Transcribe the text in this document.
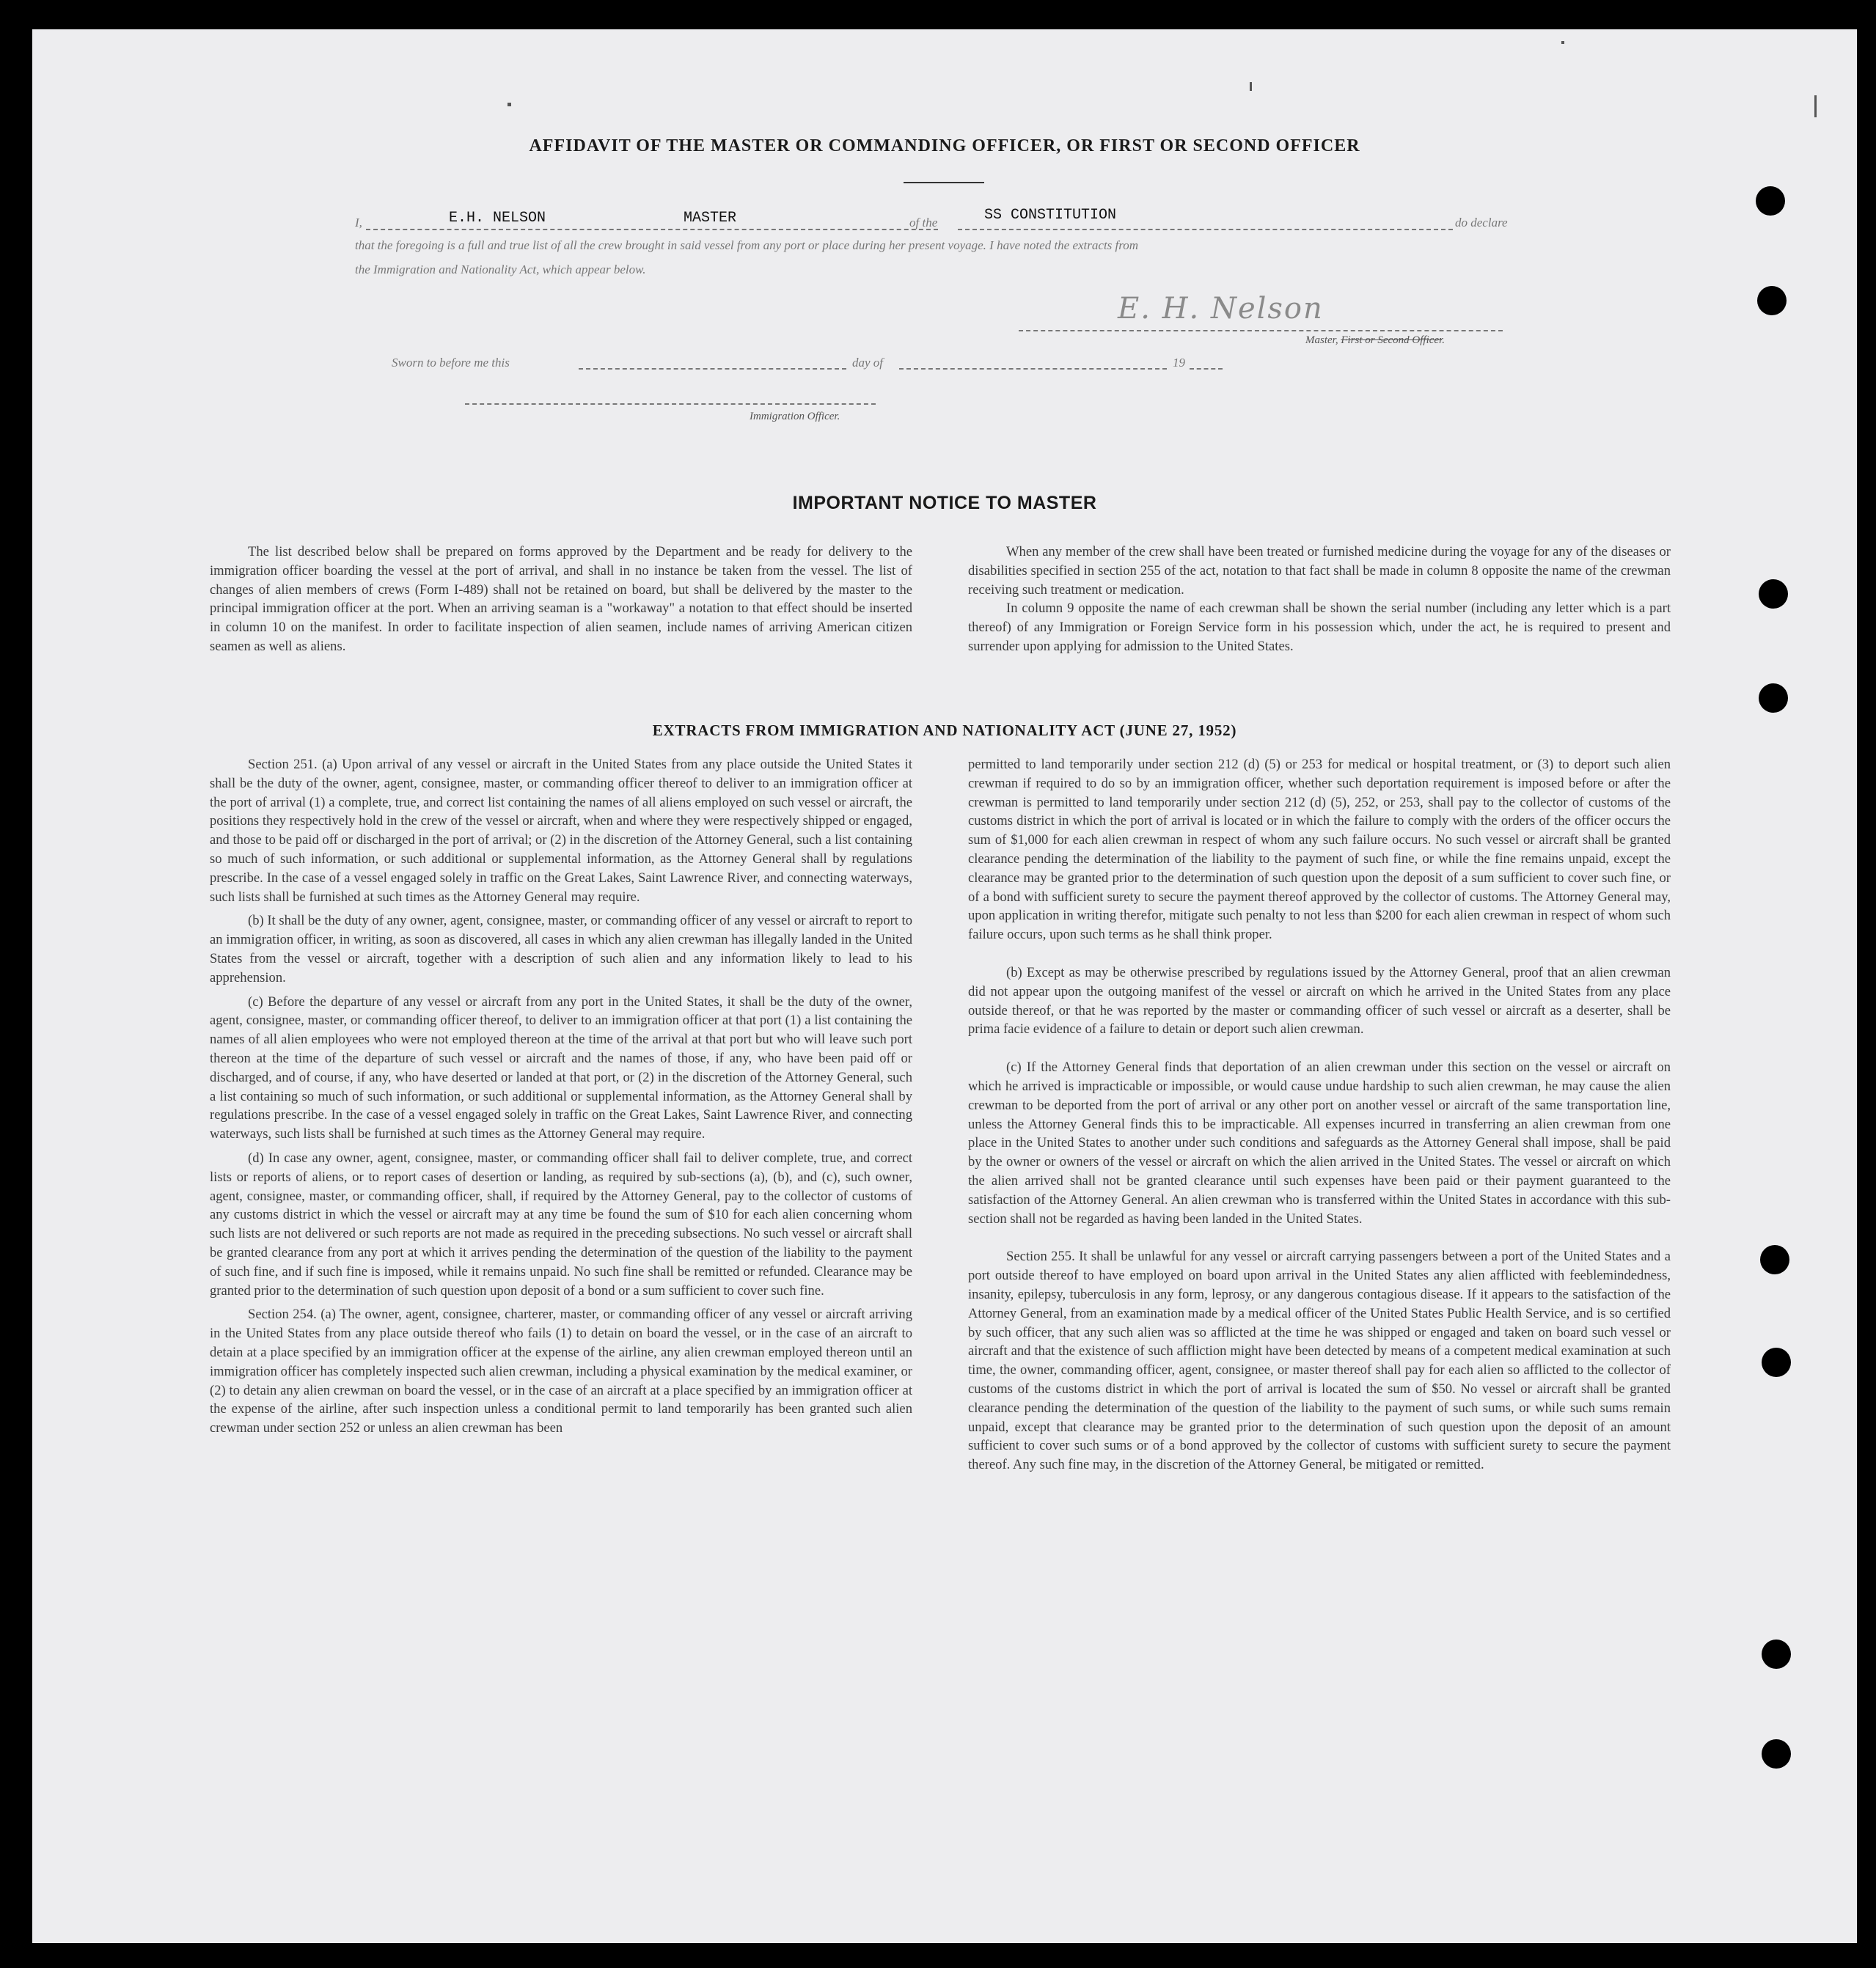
AFFIDAVIT OF THE MASTER OR COMMANDING OFFICER, OR FIRST OR SECOND OFFICER
I,	E.H. NELSON	MASTER	of the	SS CONSTITUTION	do declare
that the foregoing is a full and true list of all the crew brought in said vessel from any port or place during her present voyage. I have noted the extracts from
the Immigration and Nationality Act, which appear below.
E. H. Nelson
Master, First or Second Officer.
Sworn to before me this	day of	19
Immigration Officer.
IMPORTANT NOTICE TO MASTER

The list described below shall be prepared on forms approved by the Department and be ready for delivery to the immigration officer boarding the vessel at the port of arrival, and shall in no instance be taken from the vessel. The list of changes of alien members of crews (Form I-489) shall not be retained on board, but shall be delivered by the master to the principal immigration officer at the port. When an arriving seaman is a "workaway" a notation to that effect should be inserted in column 10 on the manifest. In order to facilitate inspection of alien seamen, include names of arriving American citizen seamen as well as aliens.

When any member of the crew shall have been treated or furnished medicine during the voyage for any of the diseases or disabilities specified in section 255 of the act, notation to that fact shall be made in column 8 opposite the name of the crewman receiving such treatment or medication.

In column 9 opposite the name of each crewman shall be shown the serial number (including any letter which is a part thereof) of any Immigration or Foreign Service form in his possession which, under the act, he is required to present and surrender upon applying for admission to the United States.

EXTRACTS FROM IMMIGRATION AND NATIONALITY ACT (JUNE 27, 1952)

Section 251. (a) Upon arrival of any vessel or aircraft in the United States from any place outside the United States it shall be the duty of the owner, agent, consignee, master, or commanding officer thereof to deliver to an immigration officer at the port of arrival (1) a complete, true, and correct list containing the names of all aliens employed on such vessel or aircraft, the positions they respectively hold in the crew of the vessel or aircraft, when and where they were respectively shipped or engaged, and those to be paid off or discharged in the port of arrival; or (2) in the discretion of the Attorney General, such a list containing so much of such information, or such additional or supplemental information, as the Attorney General shall by regulations prescribe. In the case of a vessel engaged solely in traffic on the Great Lakes, Saint Lawrence River, and connecting waterways, such lists shall be furnished at such times as the Attorney General may require.

(b) It shall be the duty of any owner, agent, consignee, master, or commanding officer of any vessel or aircraft to report to an immigration officer, in writing, as soon as discovered, all cases in which any alien crewman has illegally landed in the United States from the vessel or aircraft, together with a description of such alien and any information likely to lead to his apprehension.

(c) Before the departure of any vessel or aircraft from any port in the United States, it shall be the duty of the owner, agent, consignee, master, or commanding officer thereof, to deliver to an immigration officer at that port (1) a list containing the names of all alien employees who were not employed thereon at the time of the arrival at that port but who will leave such port thereon at the time of the departure of such vessel or aircraft and the names of those, if any, who have been paid off or discharged, and of course, if any, who have deserted or landed at that port, or (2) in the discretion of the Attorney General, such a list containing so much of such information, or such additional or supplemental information, as the Attorney General shall by regulations prescribe. In the case of a vessel engaged solely in traffic on the Great Lakes, Saint Lawrence River, and connecting waterways, such lists shall be furnished at such times as the Attorney General may require.

(d) In case any owner, agent, consignee, master, or commanding officer shall fail to deliver complete, true, and correct lists or reports of aliens, or to report cases of desertion or landing, as required by sub-sections (a), (b), and (c), such owner, agent, consignee, master, or commanding officer, shall, if required by the Attorney General, pay to the collector of customs of any customs district in which the vessel or aircraft may at any time be found the sum of $10 for each alien concerning whom such lists are not delivered or such reports are not made as required in the preceding subsections. No such vessel or aircraft shall be granted clearance from any port at which it arrives pending the determination of the question of the liability to the payment of such fine, and if such fine is imposed, while it remains unpaid. No such fine shall be remitted or refunded. Clearance may be granted prior to the determination of such question upon deposit of a bond or a sum sufficient to cover such fine.

Section 254. (a) The owner, agent, consignee, charterer, master, or commanding officer of any vessel or aircraft arriving in the United States from any place outside thereof who fails (1) to detain on board the vessel, or in the case of an aircraft to detain at a place specified by an immigration officer at the expense of the airline, any alien crewman employed thereon until an immigration officer has completely inspected such alien crewman, including a physical examination by the medical examiner, or (2) to detain any alien crewman on board the vessel, or in the case of an aircraft at a place specified by an immigration officer at the expense of the airline, after such inspection unless a conditional permit to land temporarily has been granted such alien crewman under section 252 or unless an alien crewman has been

permitted to land temporarily under section 212 (d) (5) or 253 for medical or hospital treatment, or (3) to deport such alien crewman if required to do so by an immigration officer, whether such deportation requirement is imposed before or after the crewman is permitted to land temporarily under section 212 (d) (5), 252, or 253, shall pay to the collector of customs of the customs district in which the port of arrival is located or in which the failure to comply with the orders of the officer occurs the sum of $1,000 for each alien crewman in respect of whom any such failure occurs. No such vessel or aircraft shall be granted clearance pending the determination of the liability to the payment of such fine, or while the fine remains unpaid, except the clearance may be granted prior to the determination of such question upon the deposit of a sum sufficient to cover such fine, or of a bond with sufficient surety to secure the payment thereof approved by the collector of customs. The Attorney General may, upon application in writing therefor, mitigate such penalty to not less than $200 for each alien crewman in respect of whom such failure occurs, upon such terms as he shall think proper.

(b) Except as may be otherwise prescribed by regulations issued by the Attorney General, proof that an alien crewman did not appear upon the outgoing manifest of the vessel or aircraft on which he arrived in the United States from any place outside thereof, or that he was reported by the master or commanding officer of such vessel or aircraft as a deserter, shall be prima facie evidence of a failure to detain or deport such alien crewman.

(c) If the Attorney General finds that deportation of an alien crewman under this section on the vessel or aircraft on which he arrived is impracticable or impossible, or would cause undue hardship to such alien crewman, he may cause the alien crewman to be deported from the port of arrival or any other port on another vessel or aircraft of the same transportation line, unless the Attorney General finds this to be impracticable. All expenses incurred in transferring an alien crewman from one place in the United States to another under such conditions and safeguards as the Attorney General shall impose, shall be paid by the owner or owners of the vessel or aircraft on which the alien arrived in the United States. The vessel or aircraft on which the alien arrived shall not be granted clearance until such expenses have been paid or their payment guaranteed to the satisfaction of the Attorney General. An alien crewman who is transferred within the United States in accordance with this sub-section shall not be regarded as having been landed in the United States.

Section 255. It shall be unlawful for any vessel or aircraft carrying passengers between a port of the United States and a port outside thereof to have employed on board upon arrival in the United States any alien afflicted with feeblemindedness, insanity, epilepsy, tuberculosis in any form, leprosy, or any dangerous contagious disease. If it appears to the satisfaction of the Attorney General, from an examination made by a medical officer of the United States Public Health Service, and is so certified by such officer, that any such alien was so afflicted at the time he was shipped or engaged and taken on board such vessel or aircraft and that the existence of such affliction might have been detected by means of a competent medical examination at such time, the owner, commanding officer, agent, consignee, or master thereof shall pay for each alien so afflicted to the collector of customs of the customs district in which the port of arrival is located the sum of $50. No vessel or aircraft shall be granted clearance pending the determination of the question of the liability to the payment of such sums, or while such sums remain unpaid, except that clearance may be granted prior to the determination of such question upon the deposit of an amount sufficient to cover such sums or of a bond approved by the collector of customs with sufficient surety to secure the payment thereof. Any such fine may, in the discretion of the Attorney General, be mitigated or remitted.
